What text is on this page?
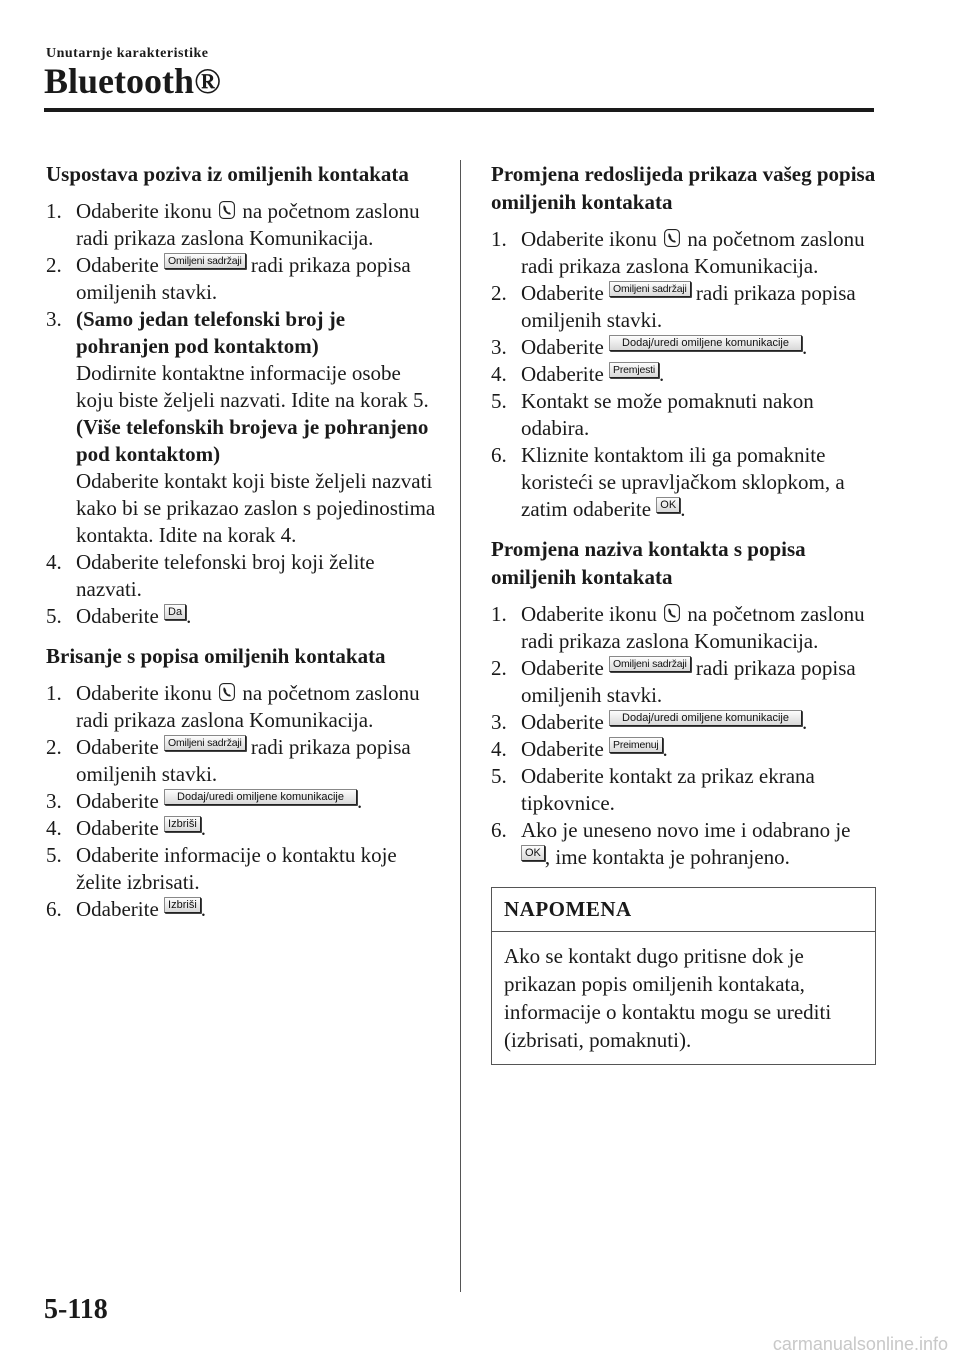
Unutarnje karakteristike
Bluetooth®
Uspostava poziva iz omiljenih kontakata
1. Odaberite ikonu na početnom zaslonu radi prikaza zaslona Komunikacija.
2. Odaberite Omiljeni sadržaji radi prikaza popisa omiljenih stavki.
3. (Samo jedan telefonski broj je pohranjen pod kontaktom)
Dodirnite kontaktne informacije osobe koju biste željeli nazvati. Idite na korak 5.
(Više telefonskih brojeva je pohranjeno pod kontaktom)
Odaberite kontakt koji biste željeli nazvati kako bi se prikazao zaslon s pojedinostima kontakta. Idite na korak 4.
4. Odaberite telefonski broj koji želite nazvati.
5. Odaberite Da .
Brisanje s popisa omiljenih kontakata
1. Odaberite ikonu na početnom zaslonu radi prikaza zaslona Komunikacija.
2. Odaberite Omiljeni sadržaji radi prikaza popisa omiljenih stavki.
3. Odaberite Dodaj/uredi omiljene komunikacije .
4. Odaberite Izbriši .
5. Odaberite informacije o kontaktu koje želite izbrisati.
6. Odaberite Izbriši .
Promjena redoslijeda prikaza vašeg popisa omiljenih kontakata
1. Odaberite ikonu na početnom zaslonu radi prikaza zaslona Komunikacija.
2. Odaberite Omiljeni sadržaji radi prikaza popisa omiljenih stavki.
3. Odaberite Dodaj/uredi omiljene komunikacije .
4. Odaberite Premjesti .
5. Kontakt se može pomaknuti nakon odabira.
6. Kliznite kontaktom ili ga pomaknite koristeći se upravljačkom sklopkom, a zatim odaberite OK .
Promjena naziva kontakta s popisa omiljenih kontakata
1. Odaberite ikonu na početnom zaslonu radi prikaza zaslona Komunikacija.
2. Odaberite Omiljeni sadržaji radi prikaza popisa omiljenih stavki.
3. Odaberite Dodaj/uredi omiljene komunikacije .
4. Odaberite Preimenuj .
5. Odaberite kontakt za prikaz ekrana tipkovnice.
6. Ako je uneseno novo ime i odabrano je OK , ime kontakta je pohranjeno.
NAPOMENA
Ako se kontakt dugo pritisne dok je prikazan popis omiljenih kontakata, informacije o kontaktu mogu se urediti (izbrisati, pomaknuti).
5-118
carmanualsonline.info
